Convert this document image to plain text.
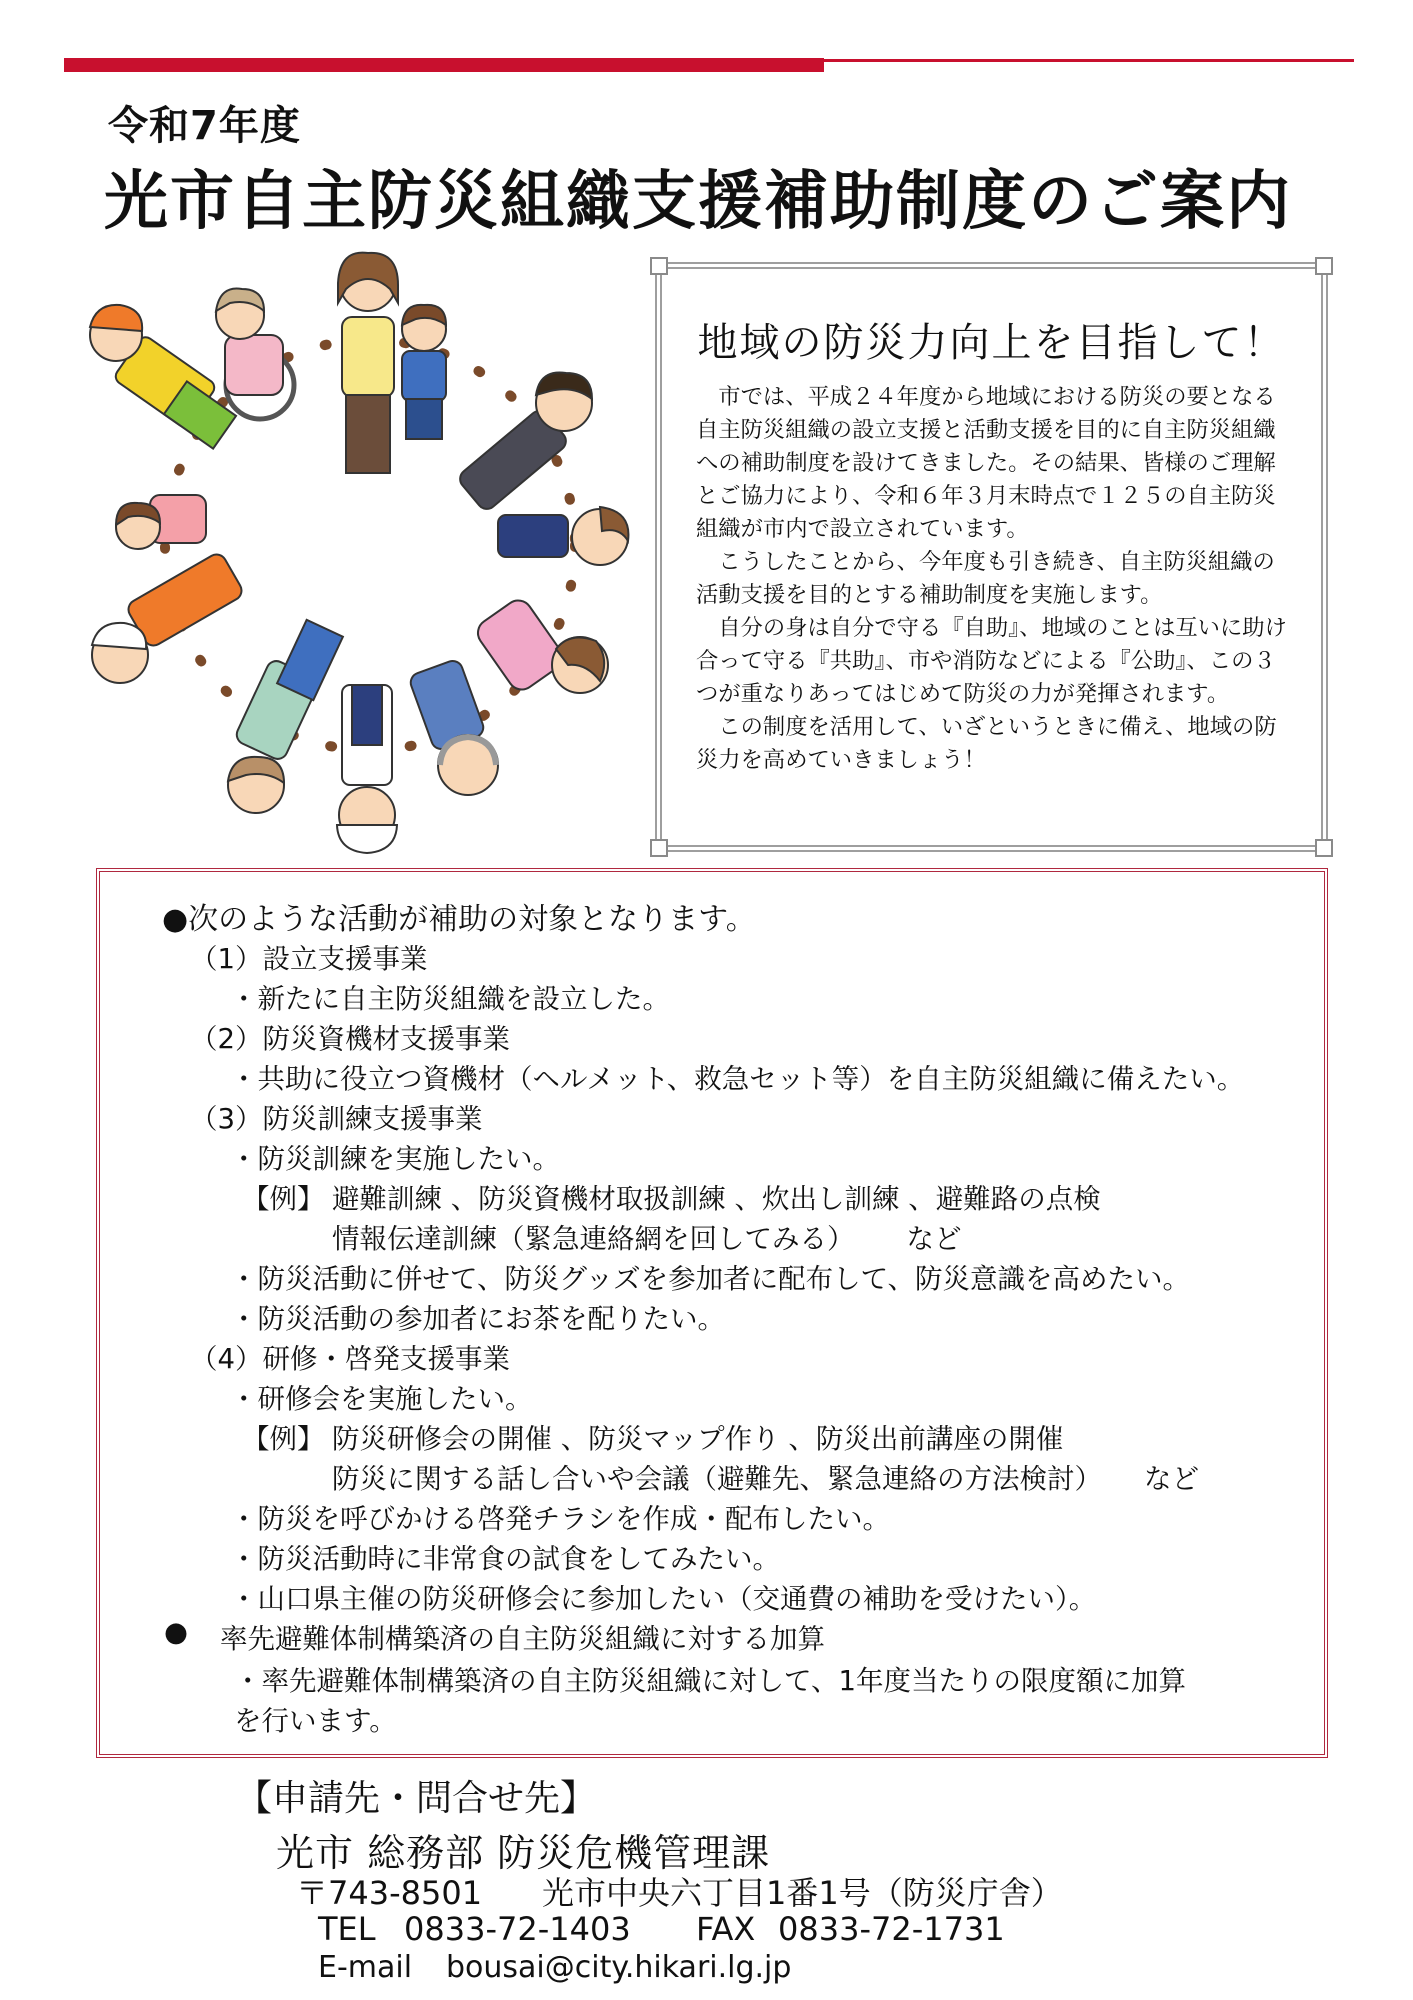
令和7年度
光市自主防災組織支援補助制度のご案内
地域の防災力向上を目指して！

市では、平成２４年度から地域における防災の要となる自主防災組織の設立支援と活動支援を目的に自主防災組織への補助制度を設けてきました。その結果、皆様のご理解とご協力により、令和６年３月末時点で１２５の自主防災組織が市内で設立されています。

こうしたことから、今年度も引き続き、自主防災組織の活動支援を目的とする補助制度を実施します。

自分の身は自分で守る『自助』、地域のことは互いに助け合って守る『共助』、市や消防などによる『公助』、この３つが重なりあってはじめて防災の力が発揮されます。

この制度を活用して、いざというときに備え、地域の防災力を高めていきましょう！

●次のような活動が補助の対象となります。
（1）設立支援事業
・新たに自主防災組織を設立した。
（2）防災資機材支援事業
・共助に役立つ資機材（ヘルメット、救急セット等）を自主防災組織に備えたい。
（3）防災訓練支援事業
・防災訓練を実施したい。
【例】 避難訓練 、防災資機材取扱訓練 、炊出し訓練 、避難路の点検
情報伝達訓練（緊急連絡網を回してみる） など
・防災活動に併せて、防災グッズを参加者に配布して、防災意識を高めたい。
・防災活動の参加者にお茶を配りたい。
（4）研修・啓発支援事業
・研修会を実施したい。
【例】 防災研修会の開催 、防災マップ作り 、防災出前講座の開催
防災に関する話し合いや会議（避難先、緊急連絡の方法検討） など
・防災を呼びかける啓発チラシを作成・配布したい。
・防災活動時に非常食の試食をしてみたい。
・山口県主催の防災研修会に参加したい（交通費の補助を受けたい）。
● 率先避難体制構築済の自主防災組織に対する加算
・率先避難体制構築済の自主防災組織に対して、1年度当たりの限度額に加算
を行います。
【申請先・問合せ先】
光市 総務部 防災危機管理課
〒743-8501 光市中央六丁目1番1号（防災庁舎）
TEL 0833-72-1403 FAX 0833-72-1731
E-mail bousai@city.hikari.lg.jp
